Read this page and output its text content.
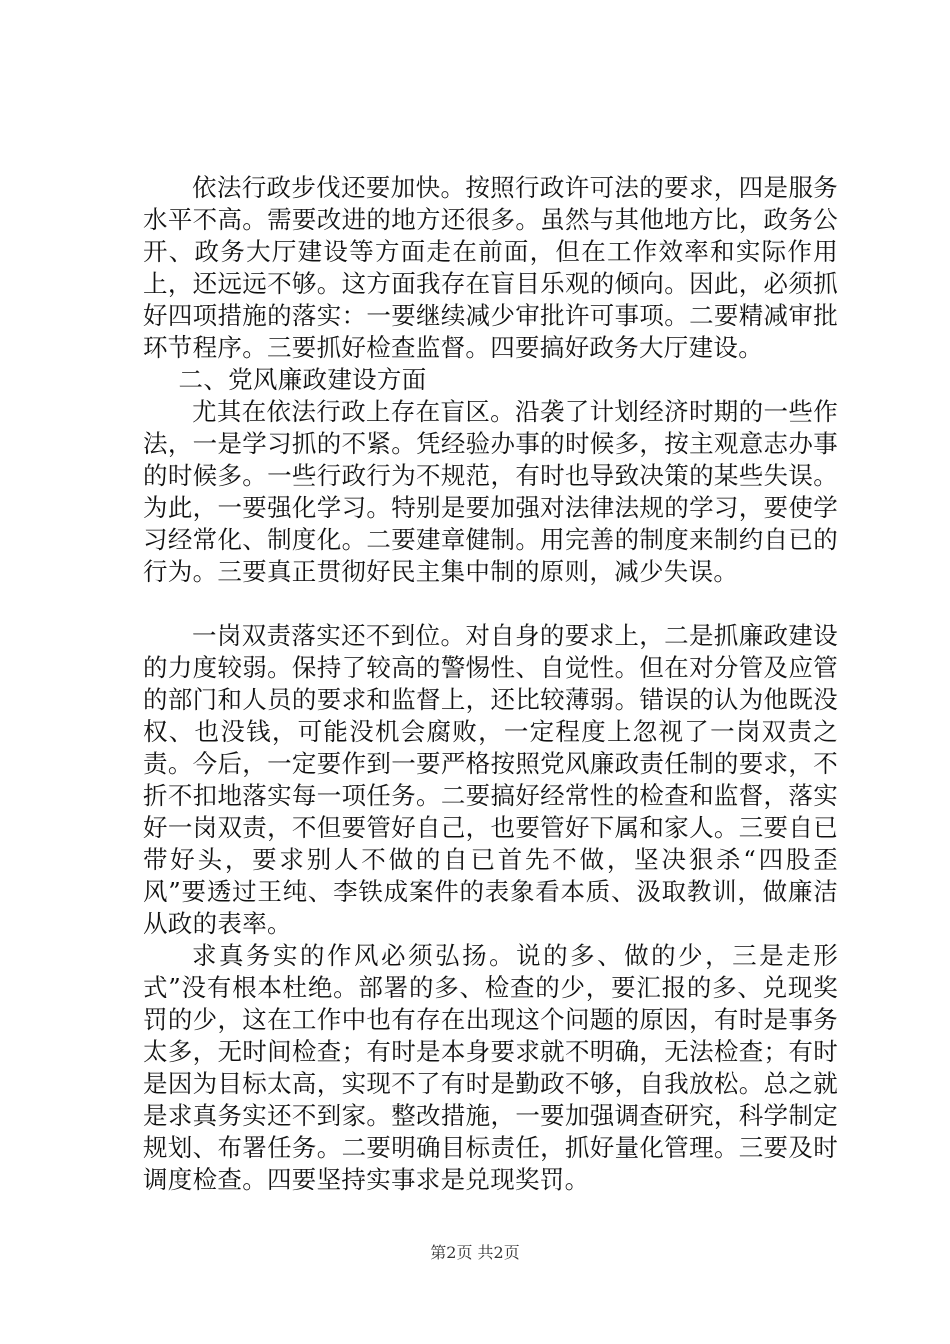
依法行政步伐还要加快。按照行政许可法的要求，四是服务水平不高。需要改进的地方还很多。虽然与其他地方比，政务公开、政务大厅建设等方面走在前面，但在工作效率和实际作用上，还远远不够。这方面我存在盲目乐观的倾向。因此，必须抓好四项措施的落实：一要继续减少审批许可事项。二要精减审批环节程序。三要抓好检查监督。四要搞好政务大厅建设。

二、党风廉政建设方面

尤其在依法行政上存在盲区。沿袭了计划经济时期的一些作法，一是学习抓的不紧。凭经验办事的时候多，按主观意志办事的时候多。一些行政行为不规范，有时也导致决策的某些失误。为此，一要强化学习。特别是要加强对法律法规的学习，要使学习经常化、制度化。二要建章健制。用完善的制度来制约自已的行为。三要真正贯彻好民主集中制的原则，减少失误。

一岗双责落实还不到位。对自身的要求上，二是抓廉政建设的力度较弱。保持了较高的警惕性、自觉性。但在对分管及应管的部门和人员的要求和监督上，还比较薄弱。错误的认为他既没权、也没钱，可能没机会腐败，一定程度上忽视了一岗双责之责。今后，一定要作到一要严格按照党风廉政责任制的要求，不折不扣地落实每一项任务。二要搞好经常性的检查和监督，落实好一岗双责，不但要管好自己，也要管好下属和家人。三要自已带好头，要求别人不做的自已首先不做，坚决狠杀“四股歪风”要透过王纯、李铁成案件的表象看本质、汲取教训，做廉洁从政的表率。

求真务实的作风必须弘扬。说的多、做的少，三是走形式”没有根本杜绝。部署的多、检查的少，要汇报的多、兑现奖罚的少，这在工作中也有存在出现这个问题的原因，有时是事务太多，无时间检查；有时是本身要求就不明确，无法检查；有时是因为目标太高，实现不了有时是勤政不够，自我放松。总之就是求真务实还不到家。整改措施，一要加强调查研究，科学制定规划、布署任务。二要明确目标责任，抓好量化管理。三要及时调度检查。四要坚持实事求是兑现奖罚。

第2页 共2页
